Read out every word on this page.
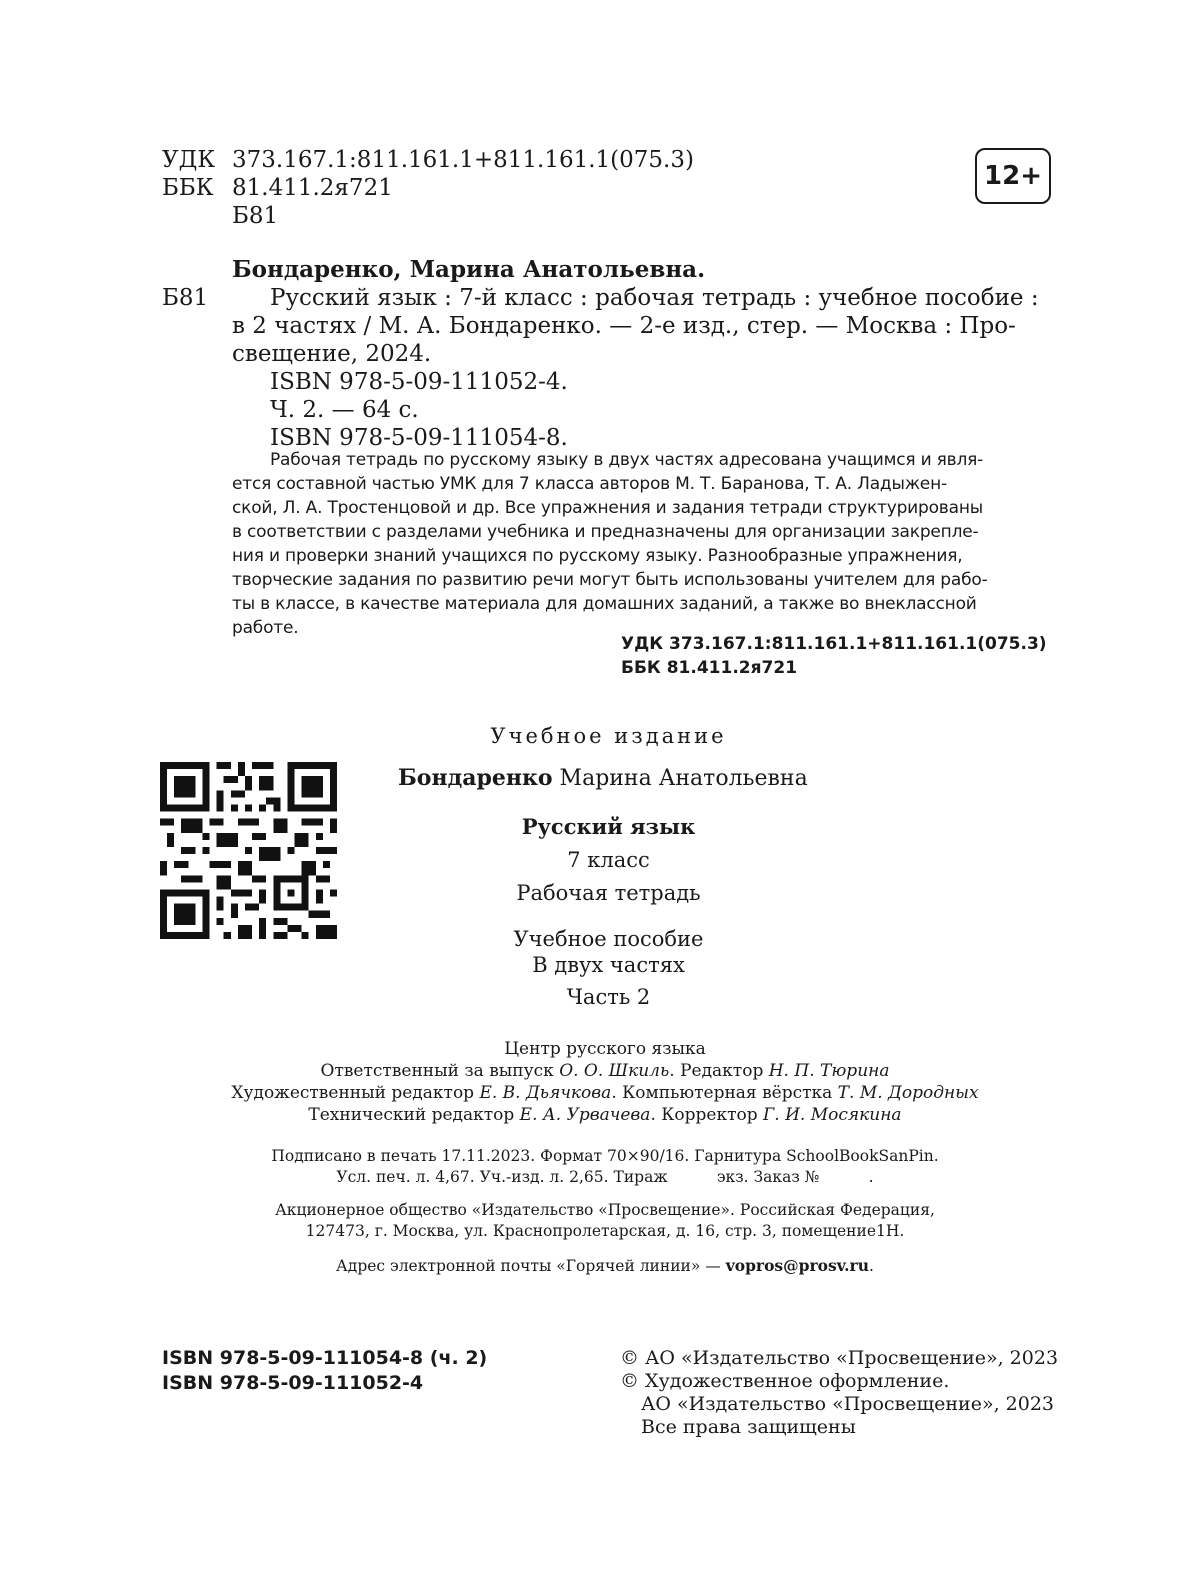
УДК 373.167.1:811.161.1+811.161.1(075.3)
ББК 81.411.2я721
Б81
12+
Бондаренко, Марина Анатольевна.
Б81	Русский язык : 7-й класс : рабочая тетрадь : учебное пособие :
в 2 частях / М. А. Бондаренко. — 2-е изд., стер. — Москва : Про-
свещение, 2024.
ISBN 978-5-09-111052-4.
Ч. 2. — 64 с.
ISBN 978-5-09-111054-8.
Рабочая тетрадь по русскому языку в двух частях адресована учащимся и явля-
ется составной частью УМК для 7 класса авторов М. Т. Баранова, Т. А. Ладыжен-
ской, Л. А. Тростенцовой и др. Все упражнения и задания тетради структурированы
в соответствии с разделами учебника и предназначены для организации закрепле-
ния и проверки знаний учащихся по русскому языку. Разнообразные упражнения,
творческие задания по развитию речи могут быть использованы учителем для рабо-
ты в классе, в качестве материала для домашних заданий, а также во внеклассной
работе.
УДК 373.167.1:811.161.1+811.161.1(075.3)
ББК 81.411.2я721
Учебное издание
Бондаренко Марина Анатольевна
Русский язык
7 класс
Рабочая тетрадь
Учебное пособие
В двух частях
Часть 2
Центр русского языка
Ответственный за выпуск О. О. Шкиль. Редактор Н. П. Тюрина
Художественный редактор Е. В. Дьячкова. Компьютерная вёрстка Т. М. Дородных
Технический редактор Е. А. Урвачева. Корректор Г. И. Мосякина
Подписано в печать 17.11.2023. Формат 70×90/16. Гарнитура SchoolBookSanPin.
Усл. печ. л. 4,67. Уч.-изд. л. 2,65. Тираж          экз. Заказ №          .
Акционерное общество «Издательство «Просвещение». Российская Федерация,
127473, г. Москва, ул. Краснопролетарская, д. 16, стр. 3, помещение1Н.
Адрес электронной почты «Горячей линии» — vopros@prosv.ru.
ISBN 978-5-09-111054-8 (ч. 2)
ISBN 978-5-09-111052-4
© АО «Издательство «Просвещение», 2023
© Художественное оформление.
АО «Издательство «Просвещение», 2023
Все права защищены
